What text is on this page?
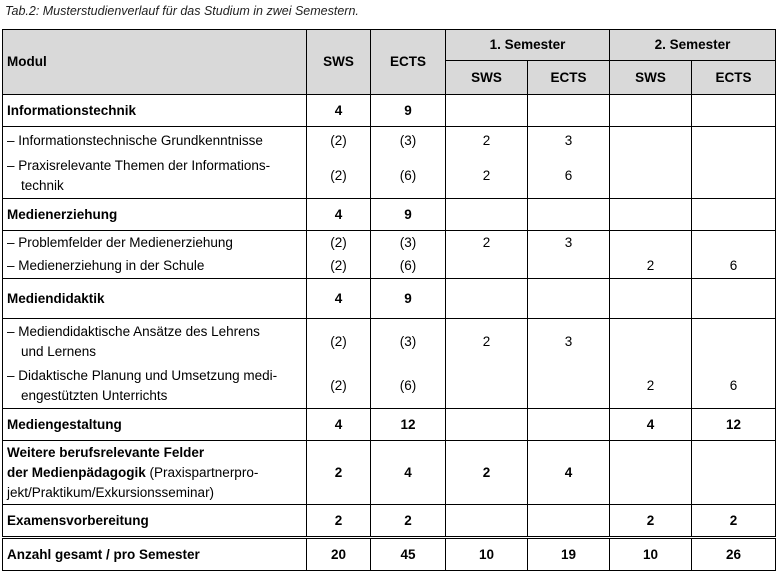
Tab.2: Musterstudienverlauf für das Studium in zwei Semestern.
Modul	SWS	ECTS	1. Semester		2. Semester	
			SWS	ECTS	SWS	ECTS
Informationstechnik	4	9				
– Informationstechnische Grundkenntnisse	(2)	(3)	2	3		
– Praxisrelevante Themen der Informations-
technik	(2)	(6)	2	6		
Medienerziehung	4	9				
– Problemfelder der Medienerziehung	(2)	(3)	2	3		
– Medienerziehung in der Schule	(2)	(6)			2	6
Mediendidaktik	4	9				
– Mediendidaktische Ansätze des Lehrens
und Lernens	(2)	(3)	2	3		
– Didaktische Planung und Umsetzung medi-
engestützten Unterrichts	(2)	(6)			2	6
Mediengestaltung	4	12			4	12
Weitere berufsrelevante Felder
der Medienpädagogik (Praxispartnerpro-
jekt/Praktikum/Exkursionsseminar)	2	4	2	4		
Examensvorbereitung	2	2			2	2
Anzahl gesamt / pro Semester	20	45	10	19	10	26
